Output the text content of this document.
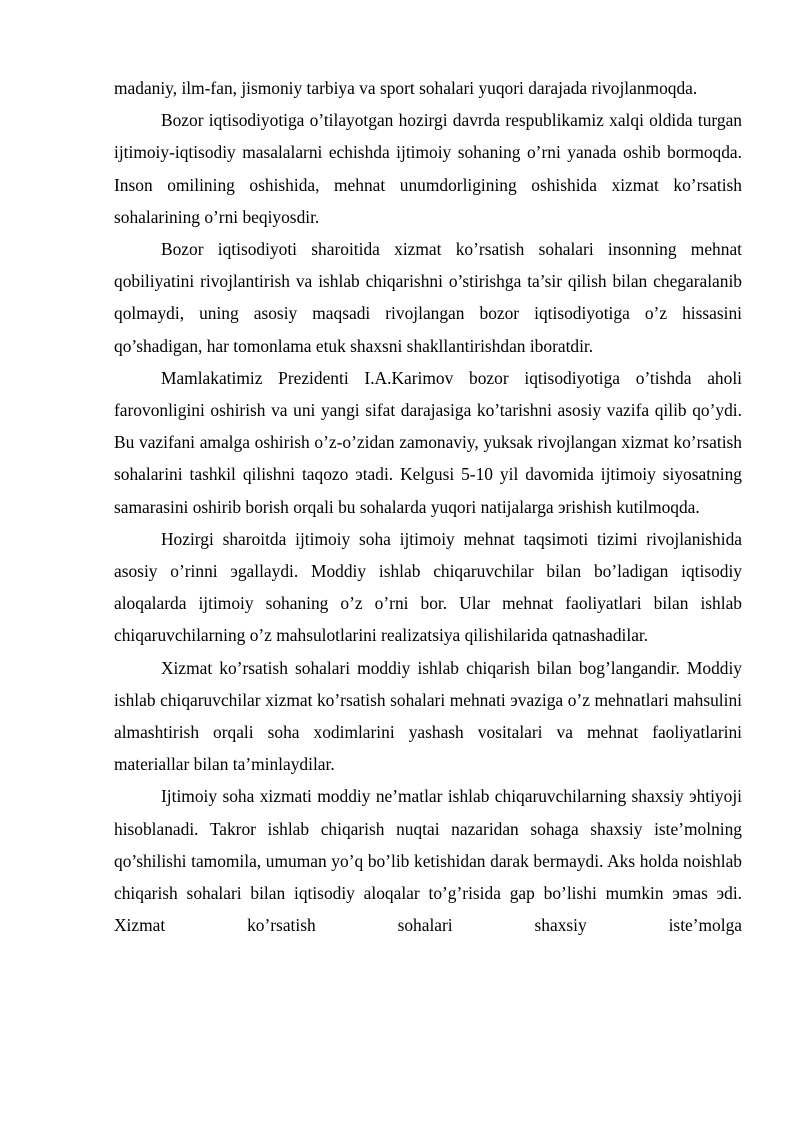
madaniy, ilm-fan, jismoniy tarbiya va sport sohalari yuqori darajada rivojlanmoqda.

Bozor iqtisodiyotiga o’tilayotgan hozirgi davrda respublikamiz xalqi oldida turgan ijtimoiy-iqtisodiy masalalarni echishda ijtimoiy sohaning o’rni yanada oshib bormoqda. Inson omilining oshishida, mehnat unumdorligining oshishida xizmat ko’rsatish sohalarining o’rni beqiyosdir.

Bozor iqtisodiyoti sharoitida xizmat ko’rsatish sohalari insonning mehnat qobiliyatini rivojlantirish va ishlab chiqarishni o’stirishga ta’sir qilish bilan chegaralanib qolmaydi, uning asosiy maqsadi rivojlangan bozor iqtisodiyotiga o’z hissasini qo’shadigan, har tomonlama etuk shaxsni shakllantirishdan iboratdir.

Mamlakatimiz Prezidenti I.A.Karimov bozor iqtisodiyotiga o’tishda aholi farovonligini oshirish va uni yangi sifat darajasiga ko’tarishni asosiy vazifa qilib qo’ydi. Bu vazifani amalga oshirish o’z-o’zidan zamonaviy, yuksak rivojlangan xizmat ko’rsatish sohalarini tashkil qilishni taqozo эtadi. Kelgusi 5-10 yil davomida ijtimoiy siyosatning samarasini oshirib borish orqali bu sohalarda yuqori natijalarga эrishish kutilmoqda.

Hozirgi sharoitda ijtimoiy soha ijtimoiy mehnat taqsimoti tizimi rivojlanishida asosiy o’rinni эgallaydi. Moddiy ishlab chiqaruvchilar bilan bo’ladigan iqtisodiy aloqalarda ijtimoiy sohaning o’z o’rni bor. Ular mehnat faoliyatlari bilan ishlab chiqaruvchilarning o’z mahsulotlarini realizatsiya qilishilarida qatnashadilar.

Xizmat ko’rsatish sohalari moddiy ishlab chiqarish bilan bog’langandir. Moddiy ishlab chiqaruvchilar xizmat ko’rsatish sohalari mehnati эvaziga o’z mehnatlari mahsulini almashtirish orqali soha xodimlarini yashash vositalari va mehnat faoliyatlarini materiallar bilan ta’minlaydilar.

Ijtimoiy soha xizmati moddiy ne’matlar ishlab chiqaruvchilarning shaxsiy эhtiyoji hisoblanadi. Takror ishlab chiqarish nuqtai nazaridan sohaga shaxsiy iste’molning qo’shilishi tamomila, umuman yo’q bo’lib ketishidan darak bermaydi. Aks holda noishlab chiqarish sohalari bilan iqtisodiy aloqalar to’g’risida gap bo’lishi mumkin эmas эdi. Xizmat ko’rsatish sohalari shaxsiy iste’molga
